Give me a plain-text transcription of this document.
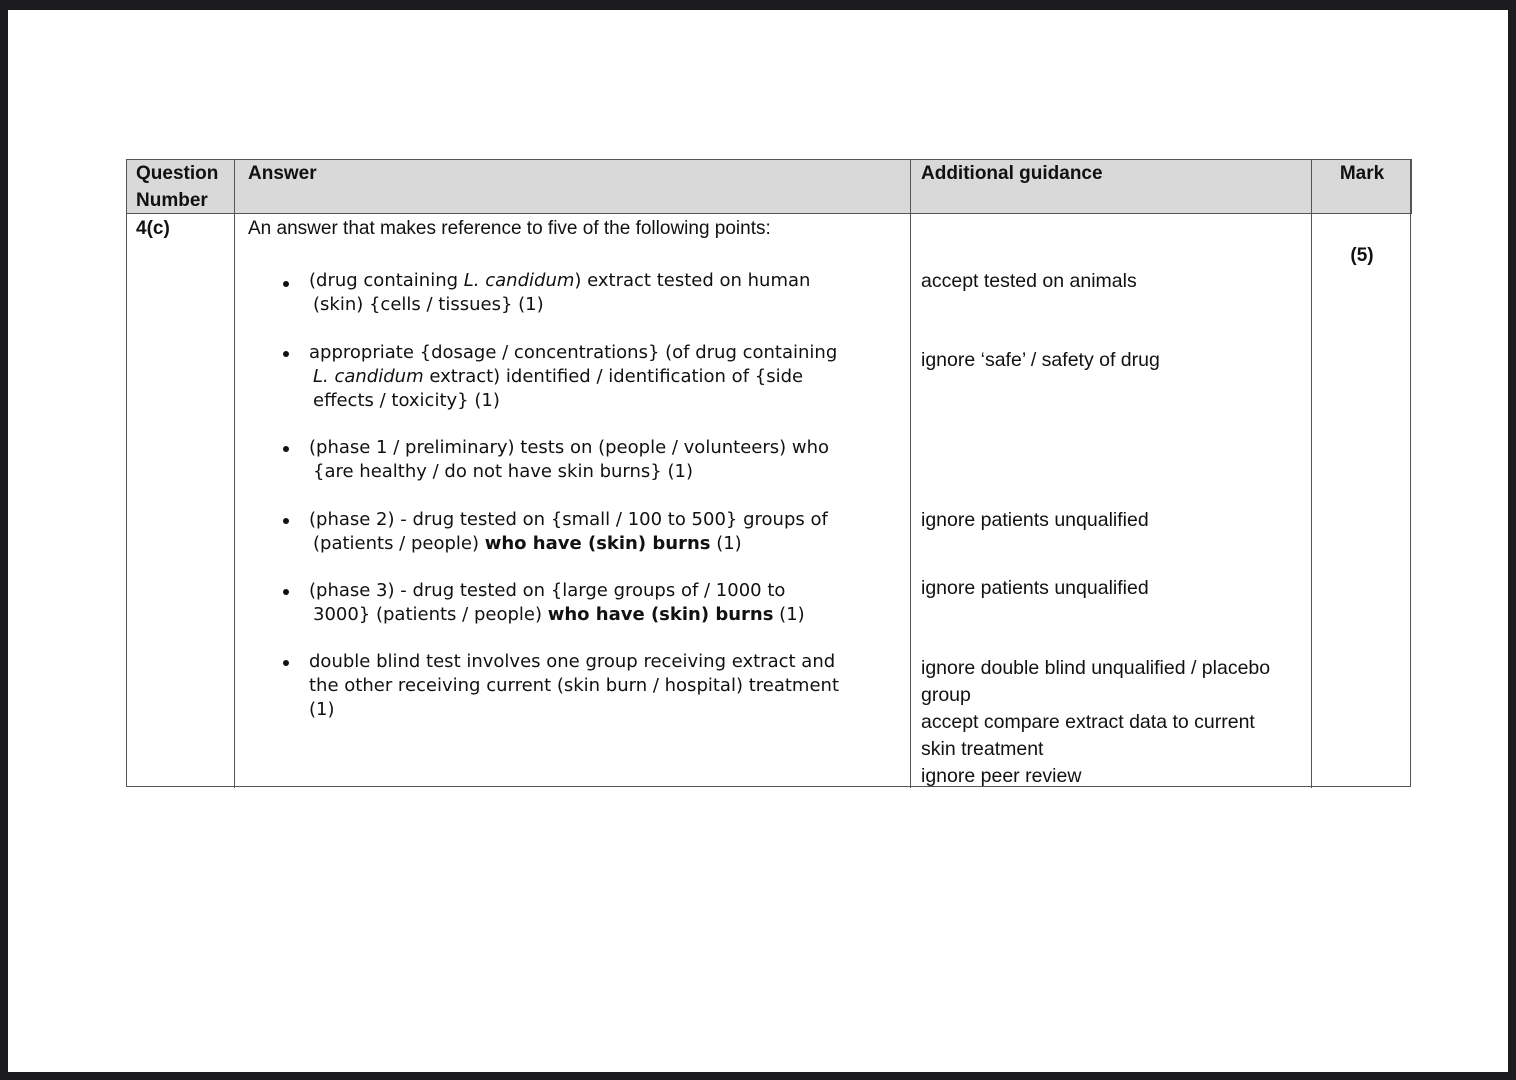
Question
Number
Answer	Additional guidance	Mark
4(c)
(5)
An answer that makes reference to five of the following points:
(drug containing L. candidum) extract tested on human
(skin) {cells / tissues} (1)
appropriate {dosage / concentrations} (of drug containing
L. candidum extract) identified / identification of {side
effects / toxicity} (1)
(phase 1 / preliminary) tests on (people / volunteers) who
{are healthy / do not have skin burns} (1)
(phase 2) - drug tested on {small / 100 to 500} groups of
(patients / people) who have (skin) burns (1)
(phase 3) - drug tested on {large groups of / 1000 to
3000} (patients / people) who have (skin) burns (1)
double blind test involves one group receiving extract and
the other receiving current (skin burn / hospital) treatment
(1)
accept tested on animals
ignore ‘safe’ / safety of drug
ignore patients unqualified
ignore patients unqualified
ignore double blind unqualified / placebo
group
accept compare extract data to current
skin treatment
ignore peer review
